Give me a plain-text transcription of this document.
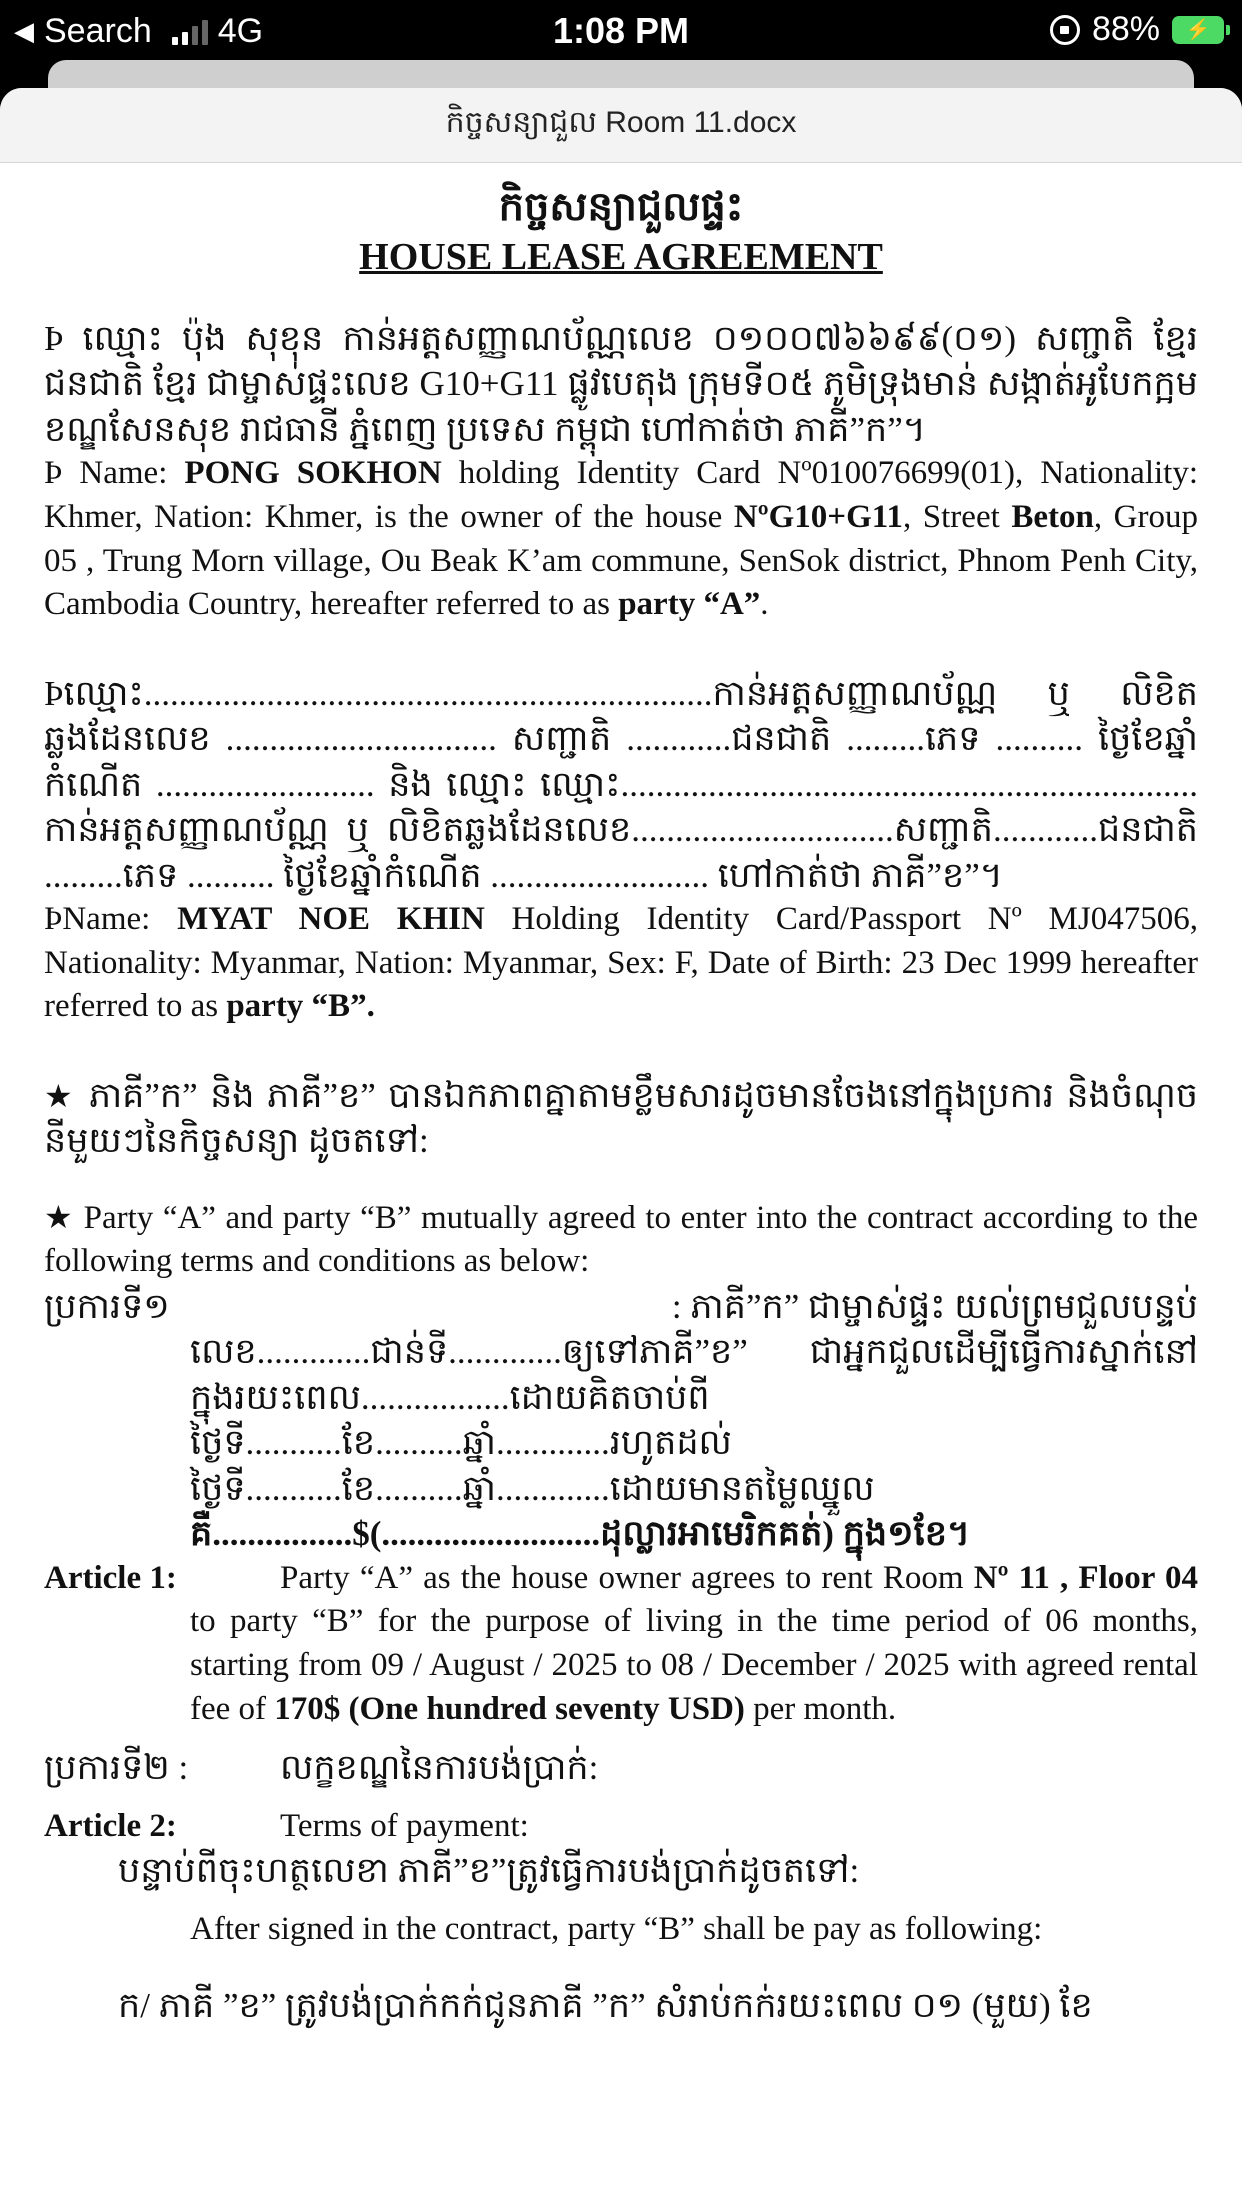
◀ Search 4G	1:08 PM	88% ⚡
កិច្ចសន្យាជួល Room 11.docx
កិច្ចសន្យាជួលផ្ទះ
HOUSE LEASE AGREEMENT

Þ ឈ្មោះ ប៉ុង សុខុន កាន់អត្តសញ្ញាណប័ណ្ណលេខ ០១០០៧៦៦៩៩(០១) សញ្ជាតិ ខ្មែរ ជនជាតិ ខ្មែរ ជាម្ចាស់ផ្ទះលេខ G10+G11 ផ្លូវបេតុង ក្រុមទី០៥ ភូមិទ្រុងមាន់ សង្កាត់អូបែកក្អម ខណ្ឌសែនសុខ រាជធានី ភ្នំពេញ ប្រទេស កម្ពុជា ហៅកាត់ថា ភាគី”ក”។

Þ Name: PONG SOKHON holding Identity Card Nº010076699(01), Nationality: Khmer, Nation: Khmer, is the owner of the house NºG10+G11, Street Beton, Group 05 , Trung Morn village, Ou Beak K’am commune, SenSok district, Phnom Penh City, Cambodia Country, hereafter referred to as party “A”.

Þឈ្មោះ.................................................................កាន់អត្តសញ្ញាណប័ណ្ណ ឬ លិខិតឆ្លងដែនលេខ ............................... សញ្ជាតិ ............ជនជាតិ .........ភេទ .......... ថ្ងៃខែឆ្នាំកំណើត ......................... និង ឈ្មោះ ឈ្មោះ.................................................................. កាន់អត្តសញ្ញាណប័ណ្ណ ឬ លិខិតឆ្លងដែនលេខ..............................សញ្ជាតិ............ជនជាតិ .........ភេទ .......... ថ្ងៃខែឆ្នាំកំណើត ......................... ហៅកាត់ថា ភាគី”ខ”។

ÞName: MYAT NOE KHIN Holding Identity Card/Passport Nº MJ047506, Nationality: Myanmar, Nation: Myanmar, Sex: F, Date of Birth: 23 Dec 1999 hereafter referred to as party “B”.

★ ភាគី”ក” និង ភាគី”ខ” បានឯកភាពគ្នាតាមខ្លឹមសារដូចមានចែងនៅក្នុងប្រការ និងចំណុចនីមួយៗនៃកិច្ចសន្យា ដូចតទៅ:

★ Party “A” and party “B” mutually agreed to enter into the contract according to the following terms and conditions as below:

ប្រការទី១	: ភាគី”ក” ជាម្ចាស់ផ្ទះ យល់ព្រមជួលបន្ទប់
លេខ.............ជាន់ទី.............ឲ្យទៅភាគី”ខ” ជាអ្នកជួលដើម្បីធ្វើការស្នាក់នៅក្នុងរយះពេល.................ដោយគិតចាប់ពី
ថ្ងៃទី...........ខែ..........ឆ្នាំ.............រហូតដល់
ថ្ងៃទី...........ខែ..........ឆ្នាំ.............ដោយមានតម្លៃឈ្នួល
គឺ................$(.........................ដុល្លារអាមេរិកគត់) ក្នុង១ខែ។
Article 1:	Party “A” as the house owner agrees to rent Room Nº 11 , Floor 04 to party “B” for the purpose of living in the time period of 06 months, starting from 09 / August / 2025 to 08 / December / 2025 with agreed rental fee of 170$ (One hundred seventy USD) per month.
ប្រការទី២ :	លក្ខខណ្ឌនៃការបង់ប្រាក់:
Article 2:	Terms of payment:
បន្ទាប់ពីចុះហត្ថលេខា ភាគី”ខ”ត្រូវធ្វើការបង់ប្រាក់ដូចតទៅ:
After signed in the contract, party “B” shall be pay as following:
ក/ ភាគី ”ខ” ត្រូវបង់ប្រាក់កក់ជូនភាគី ”ក” សំរាប់កក់រយះពេល ០១ (មួយ) ខែ
